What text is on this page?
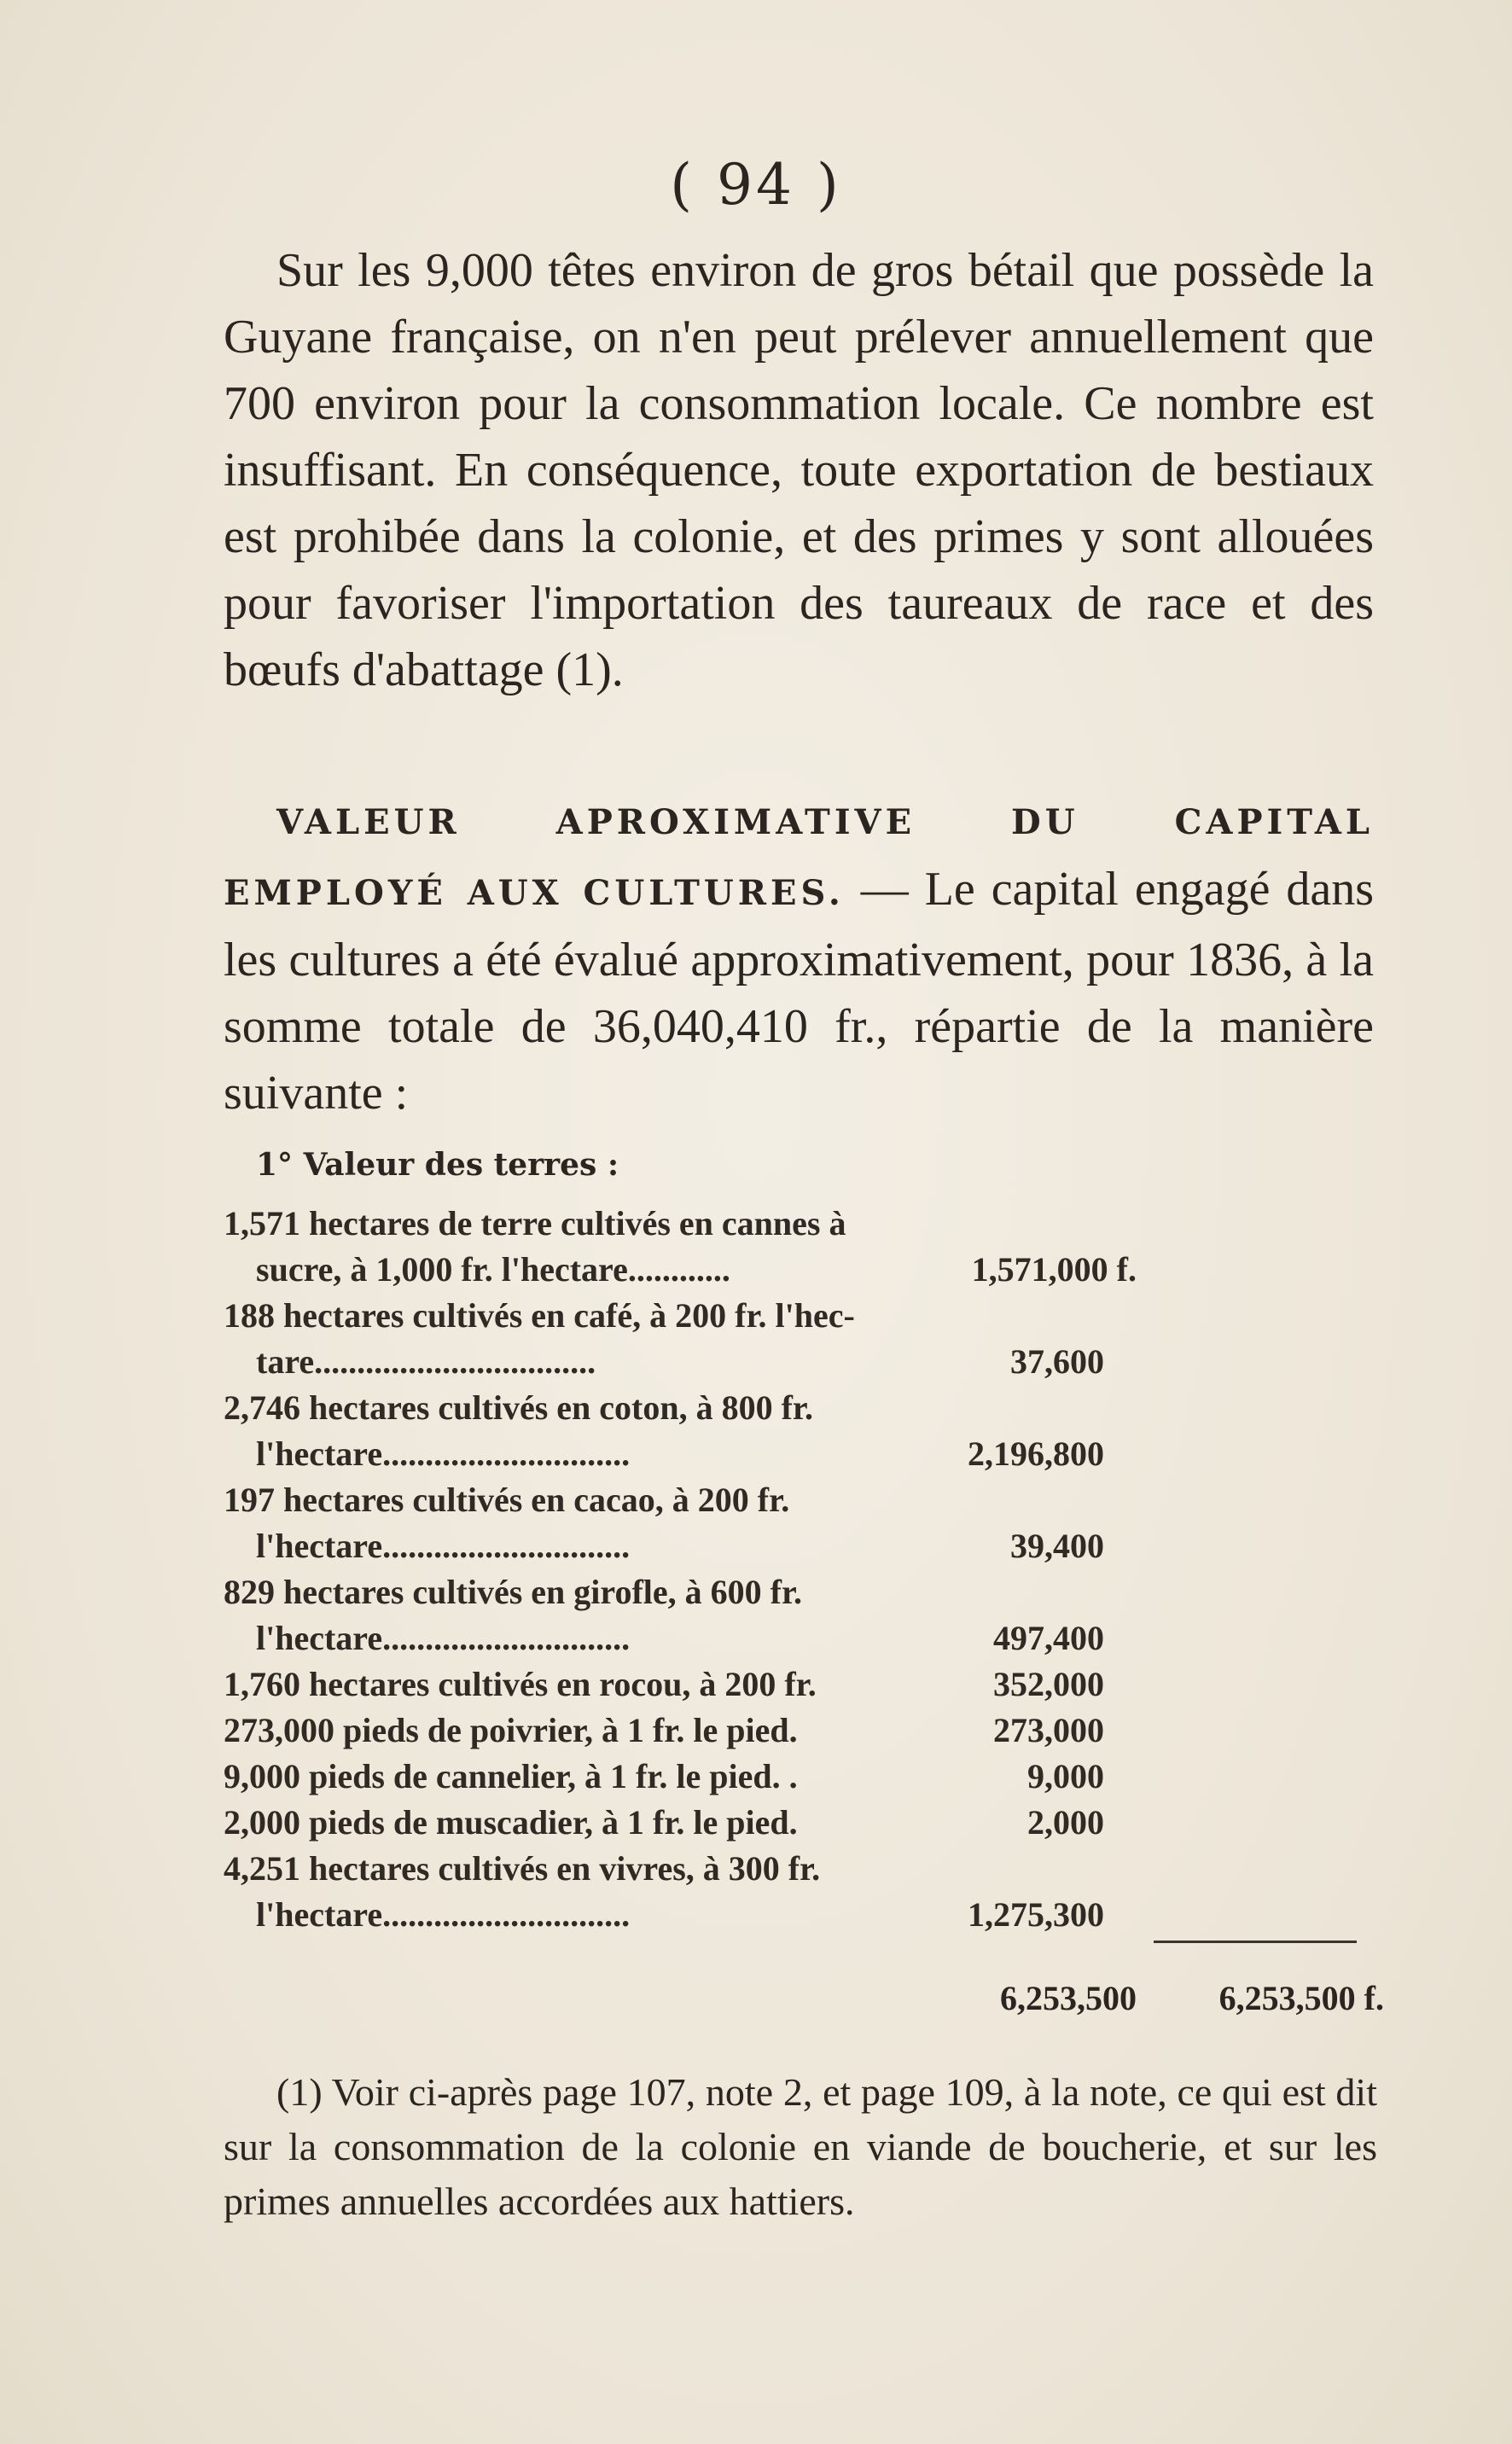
( 94 )
Sur les 9,000 têtes environ de gros bétail que possède la Guyane française, on n'en peut prélever annuellement que 700 environ pour la consommation locale. Ce nombre est insuffisant. En conséquence, toute exportation de bestiaux est prohibée dans la colonie, et des primes y sont allouées pour favoriser l'importation des taureaux de race et des bœufs d'abattage (1).
VALEUR APROXIMATIVE DU CAPITAL EMPLOYÉ AUX CULTURES. — Le capital engagé dans les cultures a été évalué approximativement, pour 1836, à la somme totale de 36,040,410 fr., répartie de la manière suivante :
1° Valeur des terres :
1,571 hectares de terre cultivés en cannes à
sucre, à 1,000 fr. l'hectare............	1,571,000 f.
188 hectares cultivés en café, à 200 fr. l'hec-
tare.................................	37,600
2,746 hectares cultivés en coton, à 800 fr.
l'hectare.............................	2,196,800
197 hectares cultivés en cacao, à 200 fr.
l'hectare.............................	39,400
829 hectares cultivés en girofle, à 600 fr.
l'hectare.............................	497,400
1,760 hectares cultivés en rocou, à 200 fr.	352,000
273,000 pieds de poivrier, à 1 fr. le pied.	273,000
9,000 pieds de cannelier, à 1 fr. le pied. .	9,000
2,000 pieds de muscadier, à 1 fr. le pied.	2,000
4,251 hectares cultivés en vivres, à 300 fr.
l'hectare.............................	1,275,300
6,253,500	6,253,500 f.
(1) Voir ci-après page 107, note 2, et page 109, à la note, ce qui est dit sur la consommation de la colonie en viande de boucherie, et sur les primes annuelles accordées aux hattiers.
